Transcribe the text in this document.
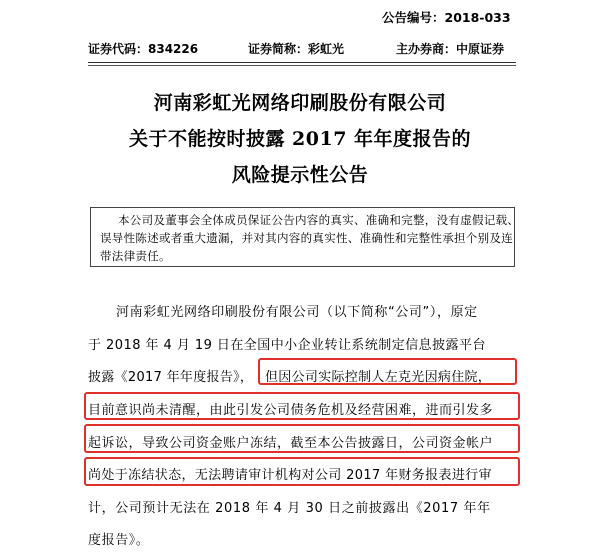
公告编号：2018-033
证券代码：834226	证券简称：彩虹光	主办券商：中原证券
河南彩虹光网络印刷股份有限公司
关于不能按时披露 2017 年年度报告的
风险提示性公告
本公司及董事会全体成员保证公告内容的真实、准确和完整，没有虚假记载、
误导性陈述或者重大遗漏，并对其内容的真实性、准确性和完整性承担个别及连
带法律责任。
河南彩虹光网络印刷股份有限公司（以下简称“公司”），原定
于 2018 年 4 月 19 日在全国中小企业转让系统制定信息披露平台
披露《2017 年年度报告》， 但因公司实际控制人左克光因病住院，
目前意识尚未清醒，由此引发公司债务危机及经营困难，进而引发多
起诉讼，导致公司资金账户冻结，截至本公告披露日，公司资金帐户
尚处于冻结状态，无法聘请审计机构对公司 2017 年财务报表进行审
计，公司预计无法在 2018 年 4 月 30 日之前披露出《2017 年年
度报告》。
